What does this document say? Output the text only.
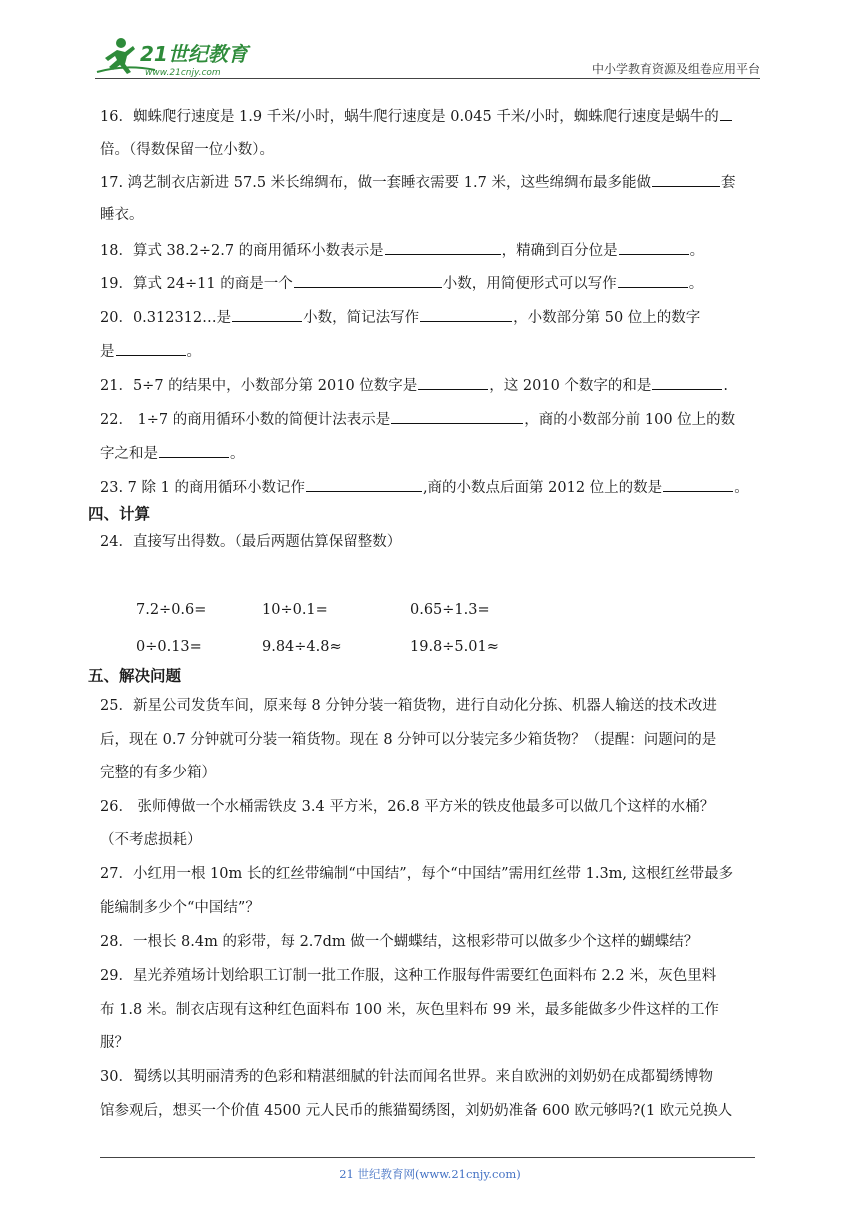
21世纪教育
www.21cnjy.com	中小学教育资源及组卷应用平台
16．蜘蛛爬行速度是 1.9 千米/小时，蜗牛爬行速度是 0.045 千米/小时，蜘蛛爬行速度是蜗牛的
倍。（得数保留一位小数）。
17. 鸿艺制衣店新进 57.5 米长绵绸布，做一套睡衣需要 1.7 米，这些绵绸布最多能做	套
睡衣。
18．算式 38.2÷2.7 的商用循环小数表示是	，精确到百分位是	。
19．算式 24÷11 的商是一个	小数，用简便形式可以写作	。
20．0.312312…是	小数，简记法写作	，小数部分第 50 位上的数字
是	。
21．5÷7 的结果中，小数部分第 2010 位数字是	，这 2010 个数字的和是	.
22． 1÷7 的商用循环小数的简便计法表示是	，商的小数部分前 100 位上的数
字之和是	。
23. 7 除 1 的商用循环小数记作	,商的小数点后面第 2012 位上的数是	。
四、计算
24．直接写出得数。（最后两题估算保留整数）
7.2÷0.6=	10÷0.1=	0.65÷1.3=
0÷0.13=	9.84÷4.8≈	19.8÷5.01≈
五、解决问题
25．新星公司发货车间，原来每 8 分钟分装一箱货物，进行自动化分拣、机器人输送的技术改进
后，现在 0.7 分钟就可分装一箱货物。现在 8 分钟可以分装完多少箱货物？（提醒：问题问的是
完整的有多少箱）
26． 张师傅做一个水桶需铁皮 3.4 平方米，26.8 平方米的铁皮他最多可以做几个这样的水桶？
（不考虑损耗）
27．小红用一根 10m 长的红丝带编制“中国结”，每个“中国结”需用红丝带 1.3m, 这根红丝带最多
能编制多少个“中国结”？
28．一根长 8.4m 的彩带，每 2.7dm 做一个蝴蝶结，这根彩带可以做多少个这样的蝴蝶结？
29．星光养殖场计划给职工订制一批工作服，这种工作服每件需要红色面料布 2.2 米，灰色里料
布 1.8 米。制衣店现有这种红色面料布 100 米，灰色里料布 99 米，最多能做多少件这样的工作
服？
30．蜀绣以其明丽清秀的色彩和精湛细腻的针法而闻名世界。来自欧洲的刘奶奶在成都蜀绣博物
馆参观后，想买一个价值 4500 元人民币的熊猫蜀绣图，刘奶奶准备 600 欧元够吗?(1 欧元兑换人
21 世纪教育网(www.21cnjy.com)
